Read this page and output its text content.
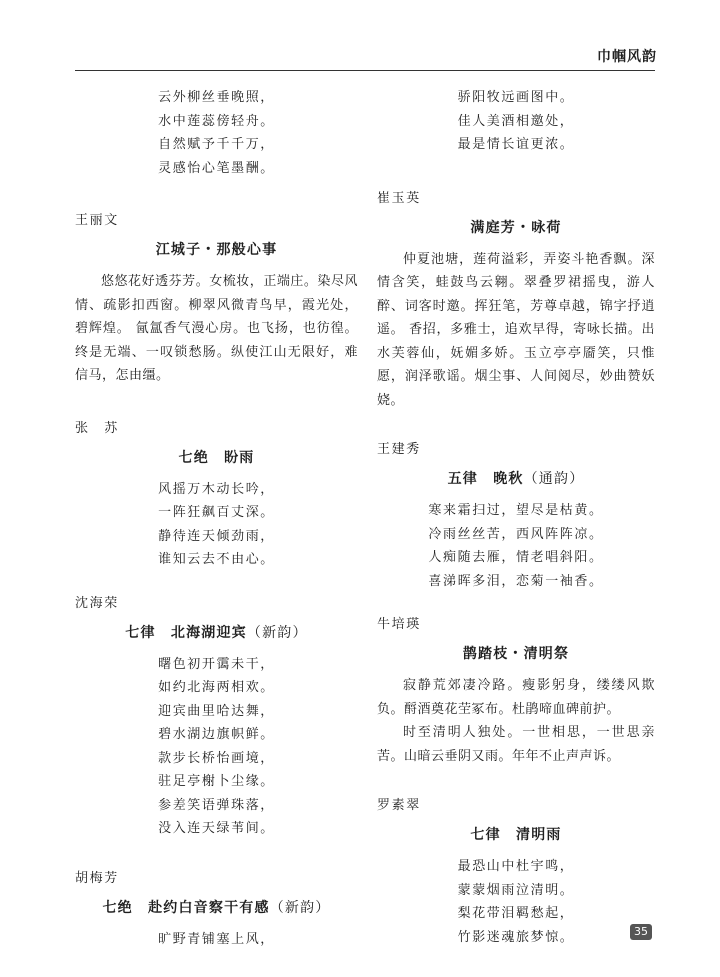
巾帼风韵
云外柳丝垂晚照，
水中莲蕊傍轻舟。
自然赋予千千万，
灵感怡心笔墨酬。
王丽文
江城子・那般心事

悠悠花好透芬芳。女梳妆，正端庄。染尽风情、疏影扣西窗。柳翠风微青鸟早，霞光处，碧辉煌。 氤氲香气漫心房。也飞扬，也彷徨。终是无端、一叹锁愁肠。纵使江山无限好，难信马，怎由缰。

张　苏
七绝　盼雨
风摇万木动长吟，
一阵狂飙百丈深。
静待连天倾劲雨，
谁知云去不由心。
沈海荣
七律　北海湖迎宾（新韵）
曙色初开霭未干，
如约北海两相欢。
迎宾曲里哈达舞，
碧水湖边旗帜鲜。
款步长桥怡画境，
驻足亭榭卜尘缘。
参差笑语弹珠落，
没入连天绿苇间。
胡梅芳
七绝　赴约白音察干有感（新韵）
旷野青铺塞上风，
骄阳牧远画图中。
佳人美酒相邀处，
最是情长谊更浓。
崔玉英
满庭芳・咏荷

仲夏池塘，莲荷溢彩，弄姿斗艳香飘。深情含笑，蛙鼓鸟云翱。翠叠罗裙摇曳，游人醉、词客时邀。挥狂笔，芳尊卓越，锦字抒逍遥。 香招，多雅士，追欢早得，寄咏长描。出水芙蓉仙，妩媚多娇。玉立亭亭靥笑，只惟愿，润泽歌谣。烟尘事、人间阅尽，妙曲赞妖娆。

王建秀
五律　晚秋（通韵）
寒来霜扫过，望尽是枯黄。
冷雨丝丝苦，西风阵阵凉。
人痴随去雁，情老唱斜阳。
喜涕晖多泪，恋菊一袖香。
牛培瑛
鹊踏枝・清明祭

寂静荒郊凄冷路。瘦影躬身，缕缕风欺负。酹酒奠花茔冢布。杜鹃啼血碑前护。

时至清明人独处。一世相思，一世思亲苦。山暗云垂阴又雨。年年不止声声诉。

罗素翠
七律　清明雨
最恐山中杜宇鸣，
蒙蒙烟雨泣清明。
梨花带泪羁愁起，
竹影迷魂旅梦惊。	35
